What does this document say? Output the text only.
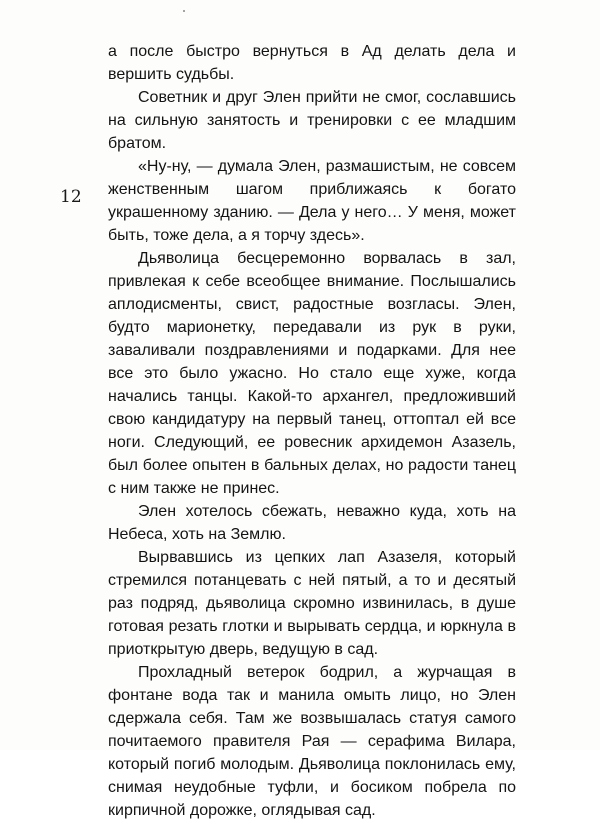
12

а после быстро вернуться в Ад делать дела и вершить судьбы.

Советник и друг Элен прийти не смог, сославшись на сильную занятость и тренировки с ее младшим братом.

«Ну-ну, — думала Элен, размашистым, не совсем женственным шагом приближаясь к богато украшенному зданию. — Дела у него… У меня, может быть, тоже дела, а я торчу здесь».

Дьяволица бесцеремонно ворвалась в зал, привлекая к себе всеобщее внимание. Послышались аплодисменты, свист, радостные возгласы. Элен, будто марионетку, передавали из рук в руки, заваливали поздравлениями и подарками. Для нее все это было ужасно. Но стало еще хуже, когда начались танцы. Какой-то архангел, предложивший свою кандидатуру на первый танец, оттоптал ей все ноги. Следующий, ее ровесник архидемон Азазель, был более опытен в бальных делах, но радости танец с ним также не принес.

Элен хотелось сбежать, неважно куда, хоть на Небеса, хоть на Землю.

Вырвавшись из цепких лап Азазеля, который стремился потанцевать с ней пятый, а то и десятый раз подряд, дьяволица скромно извинилась, в душе готовая резать глотки и вырывать сердца, и юркнула в приоткрытую дверь, ведущую в сад.

Прохладный ветерок бодрил, а журчащая в фонтане вода так и манила омыть лицо, но Элен сдержала себя. Там же возвышалась статуя самого почитаемого правителя Рая — серафима Вилара, который погиб молодым. Дьяволица поклонилась ему, снимая неудобные туфли, и босиком побрела по кирпичной дорожке, оглядывая сад.
